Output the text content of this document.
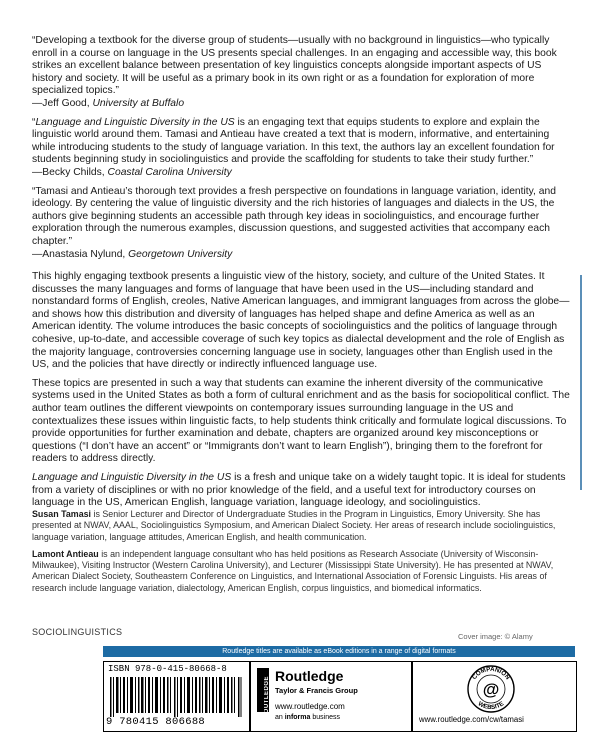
“Developing a textbook for the diverse group of students—usually with no background in linguistics—who typically enroll in a course on language in the US presents special challenges. In an engaging and accessible way, this book strikes an excellent balance between presentation of key linguistics concepts alongside important aspects of US history and society. It will be useful as a primary book in its own right or as a foundation for exploration of more specialized topics.”
—Jeff Good, University at Buffalo

“Language and Linguistic Diversity in the US is an engaging text that equips students to explore and explain the linguistic world around them. Tamasi and Antieau have created a text that is modern, informative, and entertaining while introducing students to the study of language variation. In this text, the authors lay an excellent foundation for students beginning study in sociolinguistics and provide the scaffolding for students to take their study further.”
—Becky Childs, Coastal Carolina University

“Tamasi and Antieau’s thorough text provides a fresh perspective on foundations in language variation, identity, and ideology. By centering the value of linguistic diversity and the rich histories of languages and dialects in the US, the authors give beginning students an accessible path through key ideas in sociolinguistics, and encourage further exploration through the numerous examples, discussion questions, and suggested activities that accompany each chapter.”
—Anastasia Nylund, Georgetown University

This highly engaging textbook presents a linguistic view of the history, society, and culture of the United States. It discusses the many languages and forms of language that have been used in the US—including standard and nonstandard forms of English, creoles, Native American languages, and immigrant languages from across the globe—and shows how this distribution and diversity of languages has helped shape and define America as well as an American identity. The volume introduces the basic concepts of sociolinguistics and the politics of language through cohesive, up-to-date, and accessible coverage of such key topics as dialectal development and the role of English as the majority language, controversies concerning language use in society, languages other than English used in the US, and the policies that have directly or indirectly influenced language use.

These topics are presented in such a way that students can examine the inherent diversity of the communicative systems used in the United States as both a form of cultural enrichment and as the basis for sociopolitical conflict. The author team outlines the different viewpoints on contemporary issues surrounding language in the US and contextualizes these issues within linguistic facts, to help students think critically and formulate logical discussions. To provide opportunities for further examination and debate, chapters are organized around key misconceptions or questions (“I don’t have an accent” or “Immigrants don’t want to learn English”), bringing them to the forefront for readers to address directly.

Language and Linguistic Diversity in the US is a fresh and unique take on a widely taught topic. It is ideal for students from a variety of disciplines or with no prior knowledge of the field, and a useful text for introductory courses on language in the US, American English, language variation, language ideology, and sociolinguistics.

Susan Tamasi is Senior Lecturer and Director of Undergraduate Studies in the Program in Linguistics, Emory University. She has presented at NWAV, AAAL, Sociolinguistics Symposium, and American Dialect Society. Her areas of research include sociolinguistics, language variation, language attitudes, American English, and health communication.

Lamont Antieau is an independent language consultant who has held positions as Research Associate (University of Wisconsin-Milwaukee), Visiting Instructor (Western Carolina University), and Lecturer (Mississippi State University). He has presented at NWAV, American Dialect Society, Southeastern Conference on Linguistics, and International Association of Forensic Linguists. His areas of research include language variation, dialectology, American English, corpus linguistics, and biomedical informatics.

SOCIOLINGUISTICS	Cover image: © Alamy
Routledge titles are available as eBook editions in a range of digital formats
ISBN 978-0-415-80668-8
9 780415 806688
ROUTLEDGE Routledge
Taylor & Francis Group
www.routledge.com
an informa business
COMPANION
WEBSITE
@
www.routledge.com/cw/tamasi
